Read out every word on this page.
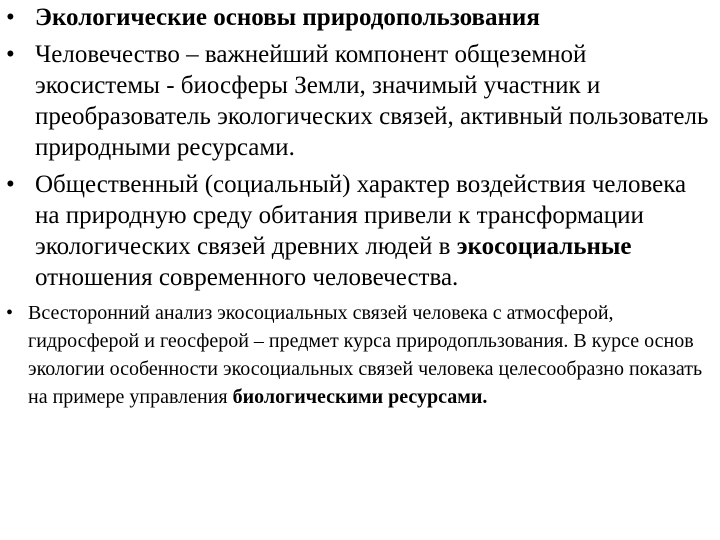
• Экологические основы природопользования
• Человечество – важнейший компонент общеземной экосистемы - биосферы Земли, значимый участник и преобразователь экологических связей, активный пользователь природными ресурсами.
• Общественный (социальный) характер воздействия человека на природную среду обитания привели к трансформации экологических связей древних людей в экосоциальные отношения современного человечества.
• Всесторонний анализ экосоциальных связей человека с атмосферой, гидросферой и геосферой – предмет курса природопльзования. В курсе основ экологии особенности экосоциальных связей человека целесообразно показать на примере управления биологическими ресурсами.
